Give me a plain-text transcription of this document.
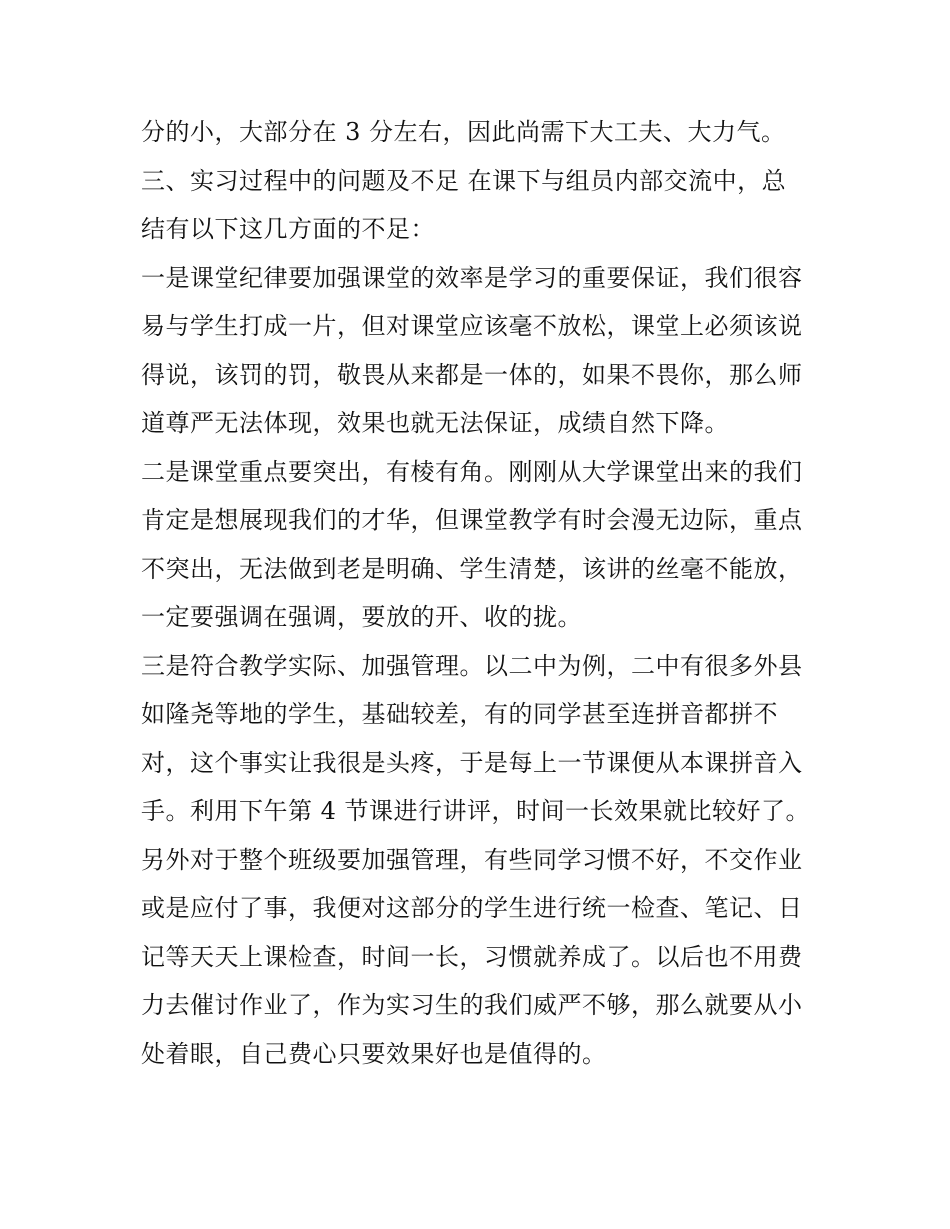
分的小，大部分在 3 分左右，因此尚需下大工夫、大力气。
三、实习过程中的问题及不足 在课下与组员内部交流中，总
结有以下这几方面的不足：
一是课堂纪律要加强课堂的效率是学习的重要保证，我们很容
易与学生打成一片，但对课堂应该毫不放松，课堂上必须该说
得说，该罚的罚，敬畏从来都是一体的，如果不畏你，那么师
道尊严无法体现，效果也就无法保证，成绩自然下降。
二是课堂重点要突出，有棱有角。刚刚从大学课堂出来的我们
肯定是想展现我们的才华，但课堂教学有时会漫无边际，重点
不突出，无法做到老是明确、学生清楚，该讲的丝毫不能放，
一定要强调在强调，要放的开、收的拢。
三是符合教学实际、加强管理。以二中为例，二中有很多外县
如隆尧等地的学生，基础较差，有的同学甚至连拼音都拼不
对，这个事实让我很是头疼，于是每上一节课便从本课拼音入
手。利用下午第 4 节课进行讲评，时间一长效果就比较好了。
另外对于整个班级要加强管理，有些同学习惯不好，不交作业
或是应付了事，我便对这部分的学生进行统一检查、笔记、日
记等天天上课检查，时间一长，习惯就养成了。以后也不用费
力去催讨作业了，作为实习生的我们威严不够，那么就要从小
处着眼，自己费心只要效果好也是值得的。
